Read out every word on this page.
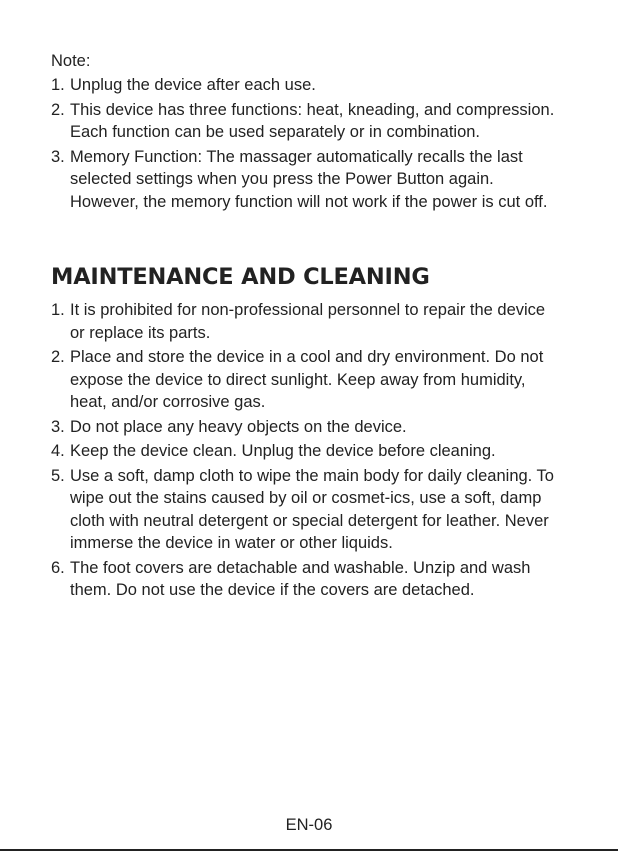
Note:
1. Unplug the device after each use.
2. This device has three functions: heat, kneading, and compression. Each function can be used separately or in combination.
3. Memory Function: The massager automatically recalls the last selected settings when you press the Power Button again. However, the memory function will not work if the power is cut off.
MAINTENANCE AND CLEANING
1. It is prohibited for non-professional personnel to repair the device or replace its parts.
2. Place and store the device in a cool and dry environment. Do not expose the device to direct sunlight. Keep away from humidity, heat, and/or corrosive gas.
3. Do not place any heavy objects on the device.
4. Keep the device clean. Unplug the device before cleaning.
5. Use a soft, damp cloth to wipe the main body for daily cleaning. To wipe out the stains caused by oil or cosmet-ics, use a soft, damp cloth with neutral detergent or special detergent for leather. Never immerse the device in water or other liquids.
6. The foot covers are detachable and washable. Unzip and wash them. Do not use the device if the covers are detached.
EN-06
